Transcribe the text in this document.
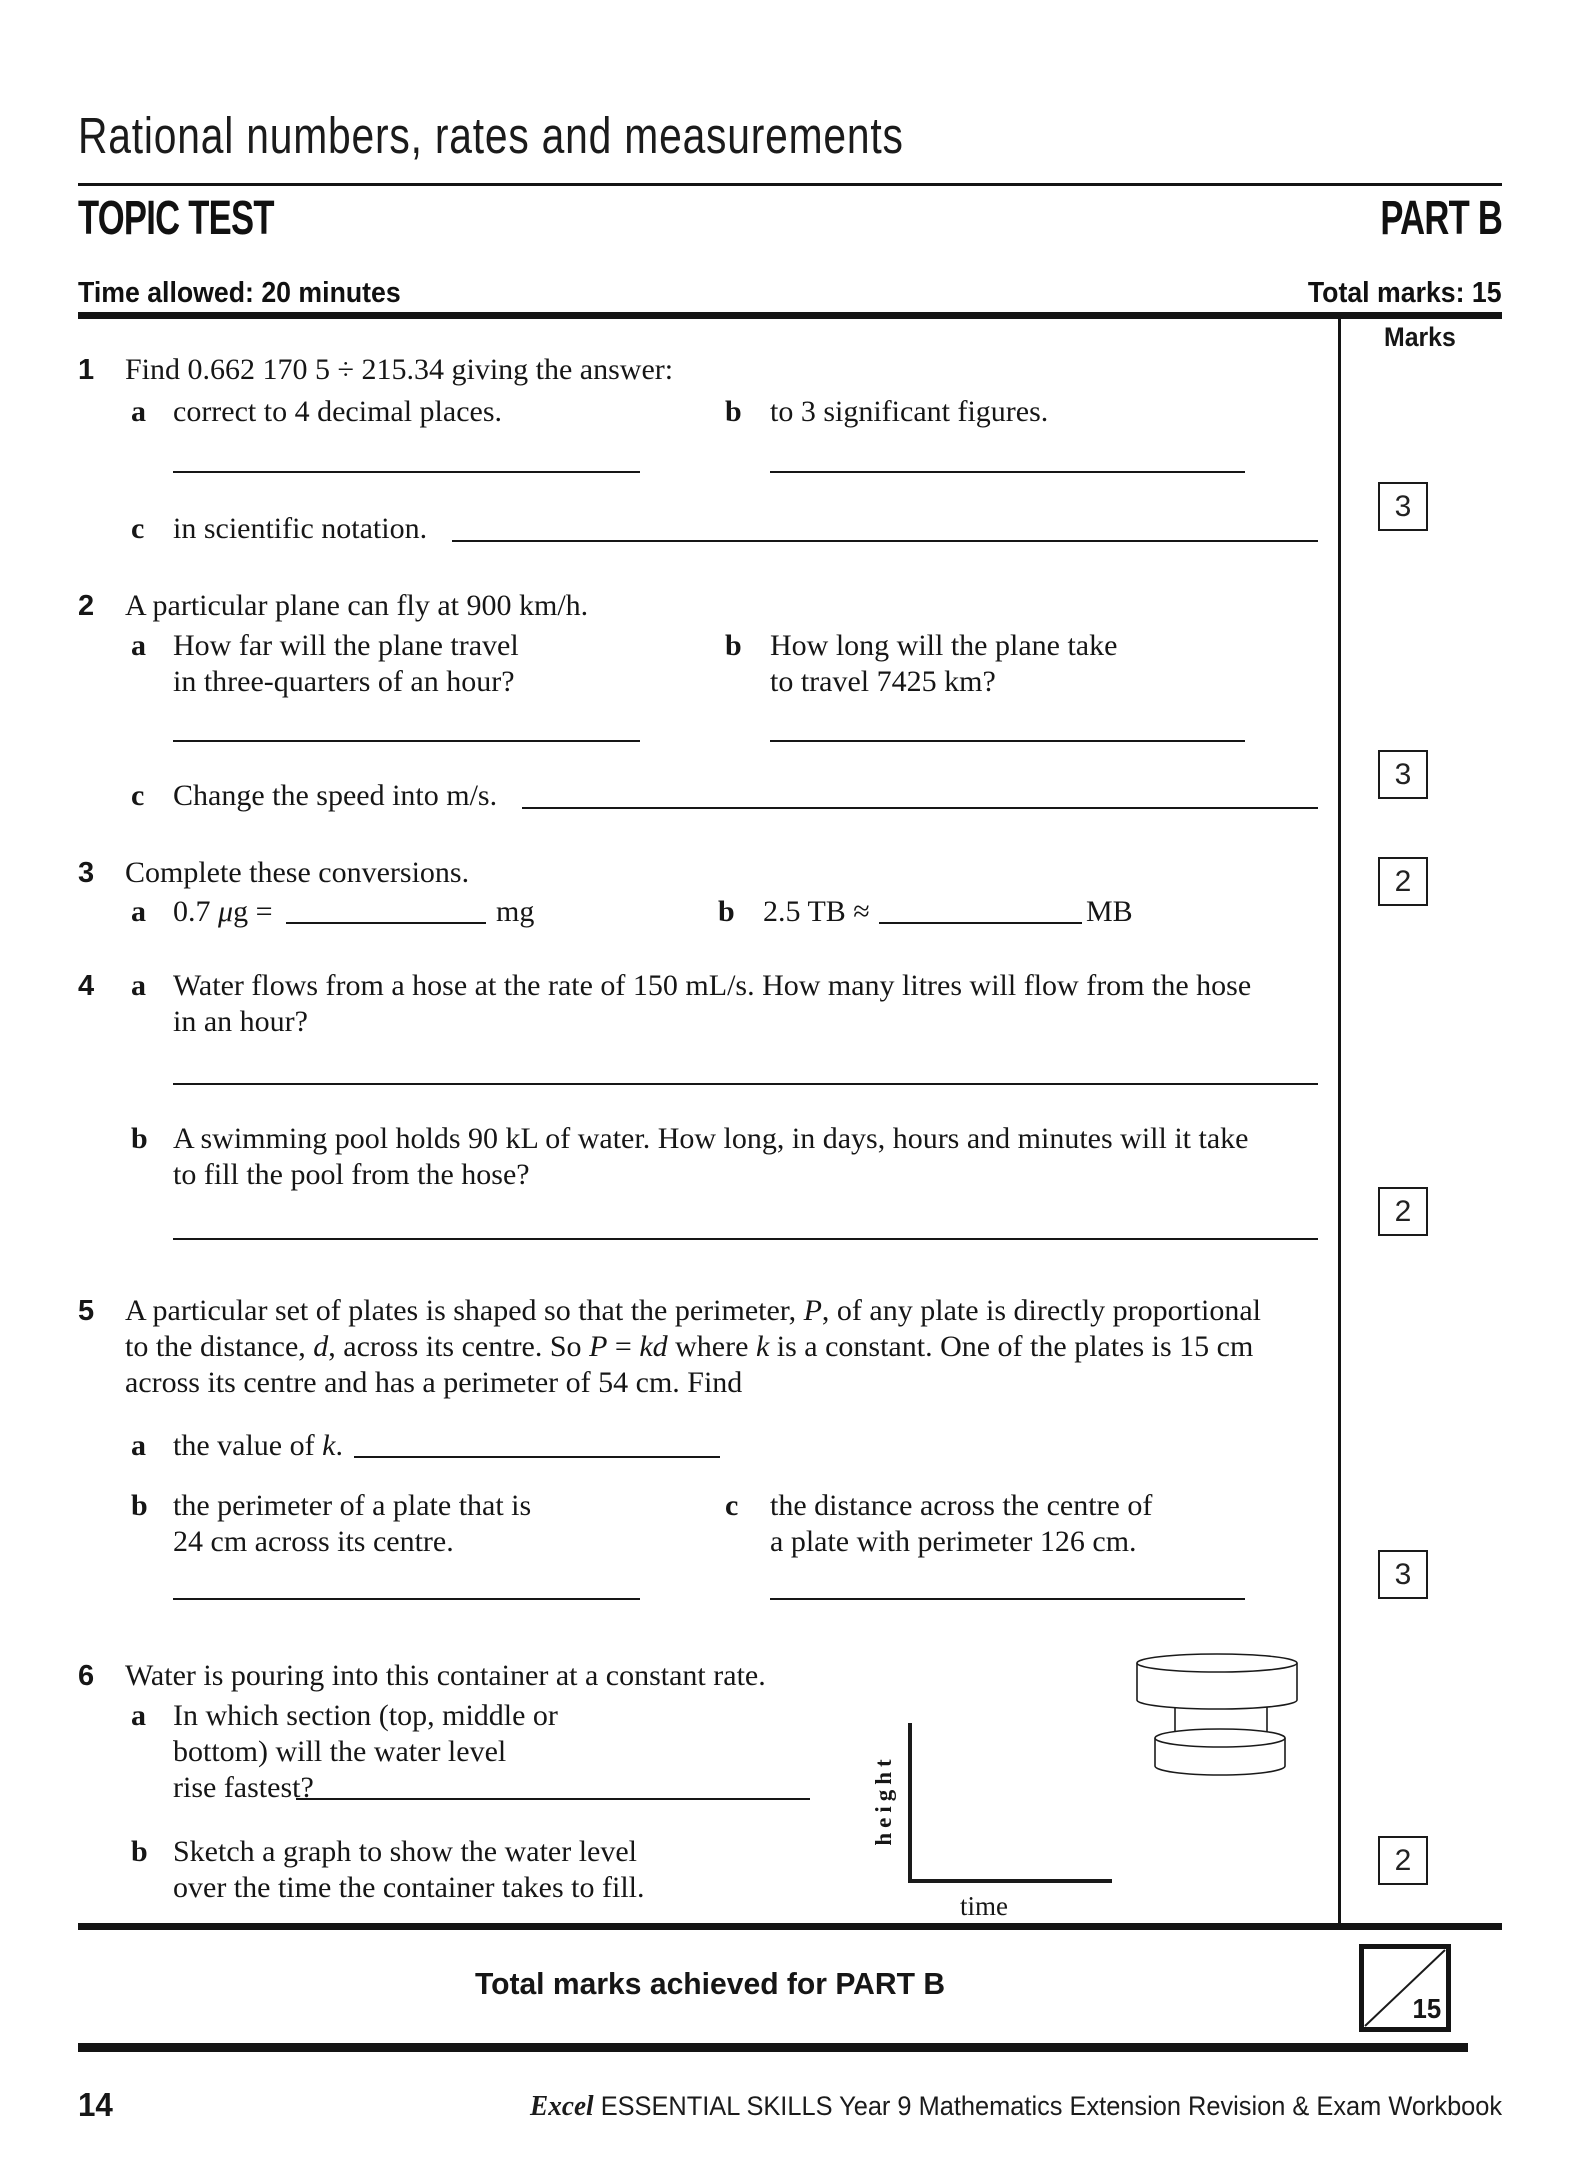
Rational numbers, rates and measurements
TOPIC TEST	PART B
Time allowed: 20 minutes	Total marks: 15
Marks
1 Find 0.662 170 5 ÷ 215.34 giving the answer:
a correct to 4 decimal places.	b to 3 significant figures.
c in scientific notation.
3
2 A particular plane can fly at 900 km/h.
a How far will the plane travel
in three-quarters of an hour?
b How long will the plane take
to travel 7425 km?
c Change the speed into m/s.
3
3 Complete these conversions.
a 0.7 μg =	mg	b 2.5 TB ≈	MB
2
4 a Water flows from a hose at the rate of 150 mL/s. How many litres will flow from the hose
in an hour?
b A swimming pool holds 90 kL of water. How long, in days, hours and minutes will it take
to fill the pool from the hose?
2
5 A particular set of plates is shaped so that the perimeter, P, of any plate is directly proportional
to the distance, d, across its centre. So P = kd where k is a constant. One of the plates is 15 cm
across its centre and has a perimeter of 54 cm. Find
a the value of k.
b the perimeter of a plate that is
24 cm across its centre.
c the distance across the centre of
a plate with perimeter 126 cm.
3
6 Water is pouring into this container at a constant rate.
a In which section (top, middle or
bottom) will the water level
rise fastest?
b Sketch a graph to show the water level
over the time the container takes to fill.
height
time
2
Total marks achieved for PART B
15
14	Excel ESSENTIAL SKILLS Year 9 Mathematics Extension Revision & Exam Workbook
